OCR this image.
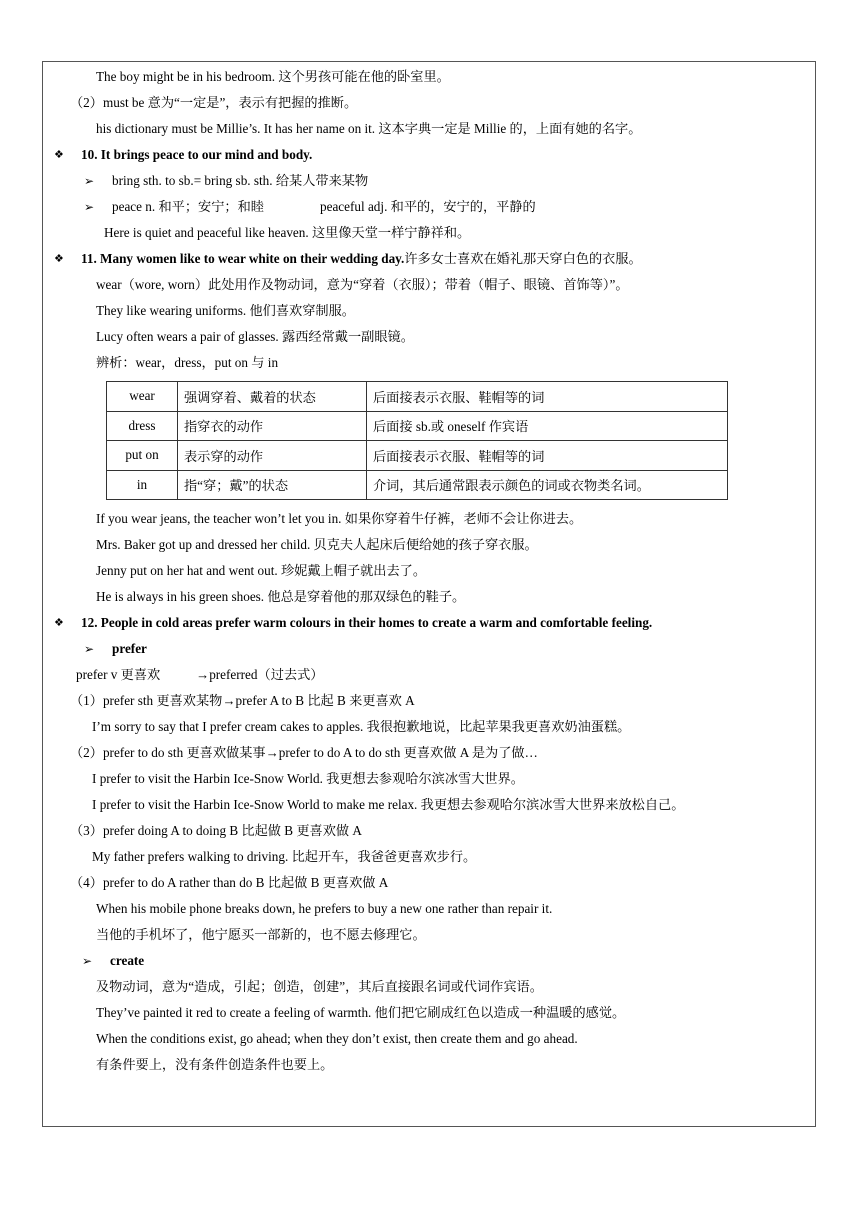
The boy might be in his bedroom. 这个男孩可能在他的卧室里。
（2）must be 意为“一定是”，表示有把握的推断。
his dictionary must be Millie’s. It has her name on it. 这本字典一定是 Millie 的，上面有她的名字。
❖ 10. It brings peace to our mind and body.
➢ bring sth. to sb.= bring sb. sth. 给某人带来某物
➢ peace n. 和平；安宁；和睦	peaceful adj. 和平的，安宁的，平静的
Here is quiet and peaceful like heaven. 这里像天堂一样宁静祥和。
❖ 11. Many women like to wear white on their wedding day.许多女士喜欢在婚礼那天穿白色的衣服。
wear（wore, worn）此处用作及物动词，意为“穿着（衣服）；带着（帽子、眼镜、首饰等）”。
They like wearing uniforms. 他们喜欢穿制服。
Lucy often wears a pair of glasses. 露西经常戴一副眼镜。
辨析：wear，dress，put on 与 in
wear	强调穿着、戴着的状态	后面接表示衣服、鞋帽等的词
dress	指穿衣的动作	后面接 sb.或 oneself 作宾语
put on	表示穿的动作	后面接表示衣服、鞋帽等的词
in	指“穿；戴”的状态	介词，其后通常跟表示颜色的词或衣物类名词。
If you wear jeans, the teacher won’t let you in. 如果你穿着牛仔裤，老师不会让你进去。
Mrs. Baker got up and dressed her child. 贝克夫人起床后便给她的孩子穿衣服。
Jenny put on her hat and went out. 珍妮戴上帽子就出去了。
He is always in his green shoes. 他总是穿着他的那双绿色的鞋子。
❖ 12. People in cold areas prefer warm colours in their homes to create a warm and comfortable feeling.
➢ prefer
prefer v 更喜欢	→preferred（过去式）
（1）prefer sth 更喜欢某物→prefer A to B 比起 B 来更喜欢 A
I’m sorry to say that I prefer cream cakes to apples. 我很抱歉地说，比起苹果我更喜欢奶油蛋糕。
（2）prefer to do sth 更喜欢做某事→prefer to do A to do sth 更喜欢做 A 是为了做…
I prefer to visit the Harbin Ice-Snow World. 我更想去参观哈尔滨冰雪大世界。
I prefer to visit the Harbin Ice-Snow World to make me relax. 我更想去参观哈尔滨冰雪大世界来放松自己。
（3）prefer doing A to doing B 比起做 B 更喜欢做 A
My father prefers walking to driving. 比起开车，我爸爸更喜欢步行。
（4）prefer to do A rather than do B 比起做 B 更喜欢做 A
When his mobile phone breaks down, he prefers to buy a new one rather than repair it.
当他的手机坏了，他宁愿买一部新的，也不愿去修理它。
➢ create
及物动词，意为“造成，引起；创造，创建”，其后直接跟名词或代词作宾语。
They’ve painted it red to create a feeling of warmth. 他们把它刷成红色以造成一种温暖的感觉。
When the conditions exist, go ahead; when they don’t exist, then create them and go ahead.
有条件要上，没有条件创造条件也要上。
